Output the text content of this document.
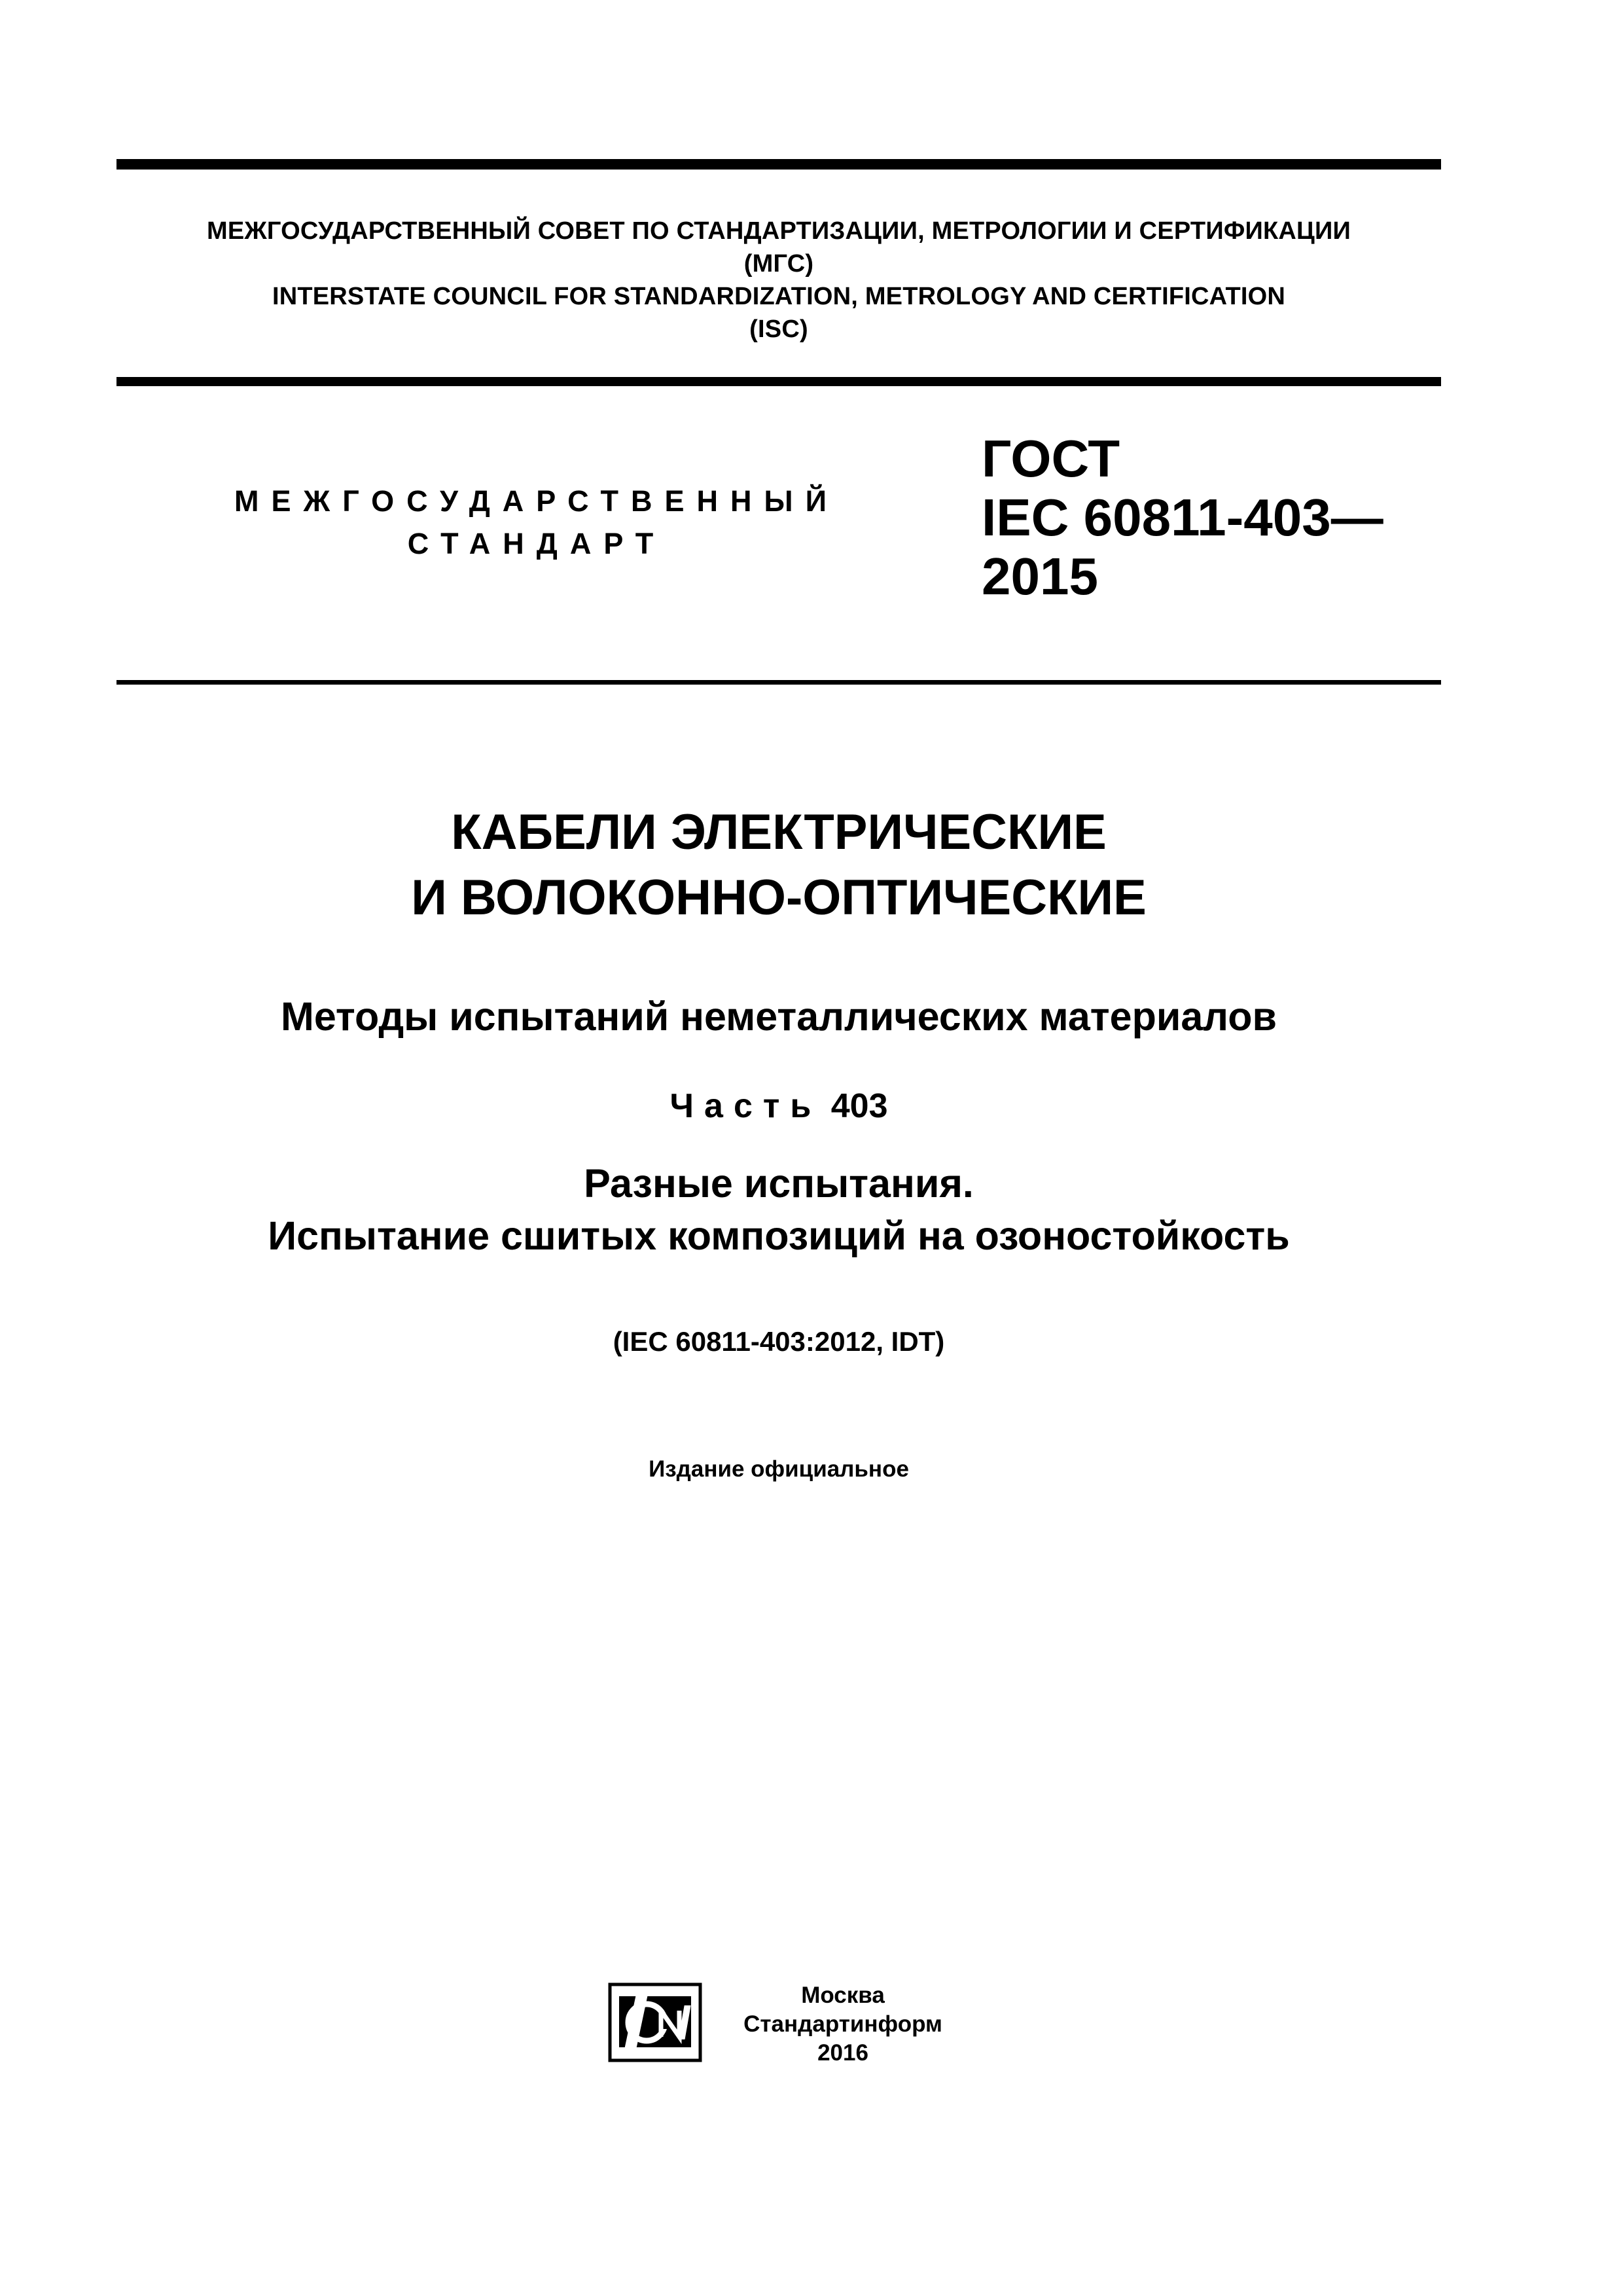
МЕЖГОСУДАРСТВЕННЫЙ СОВЕТ ПО СТАНДАРТИЗАЦИИ, МЕТРОЛОГИИ И СЕРТИФИКАЦИИ
(МГС)
INTERSTATE COUNCIL FOR STANDARDIZATION, METROLOGY AND CERTIFICATION
(ISC)
МЕЖГОСУДАРСТВЕННЫЙ
СТАНДАРТ
ГОСТ
IEC 60811-403—
2015
КАБЕЛИ ЭЛЕКТРИЧЕСКИЕ
И ВОЛОКОННО-ОПТИЧЕСКИЕ
Методы испытаний неметаллических материалов
Часть 403
Разные испытания.
Испытание сшитых композиций на озоностойкость
(IEC 60811-403:2012, IDT)
Издание официальное
Москва
Стандартинформ
2016
